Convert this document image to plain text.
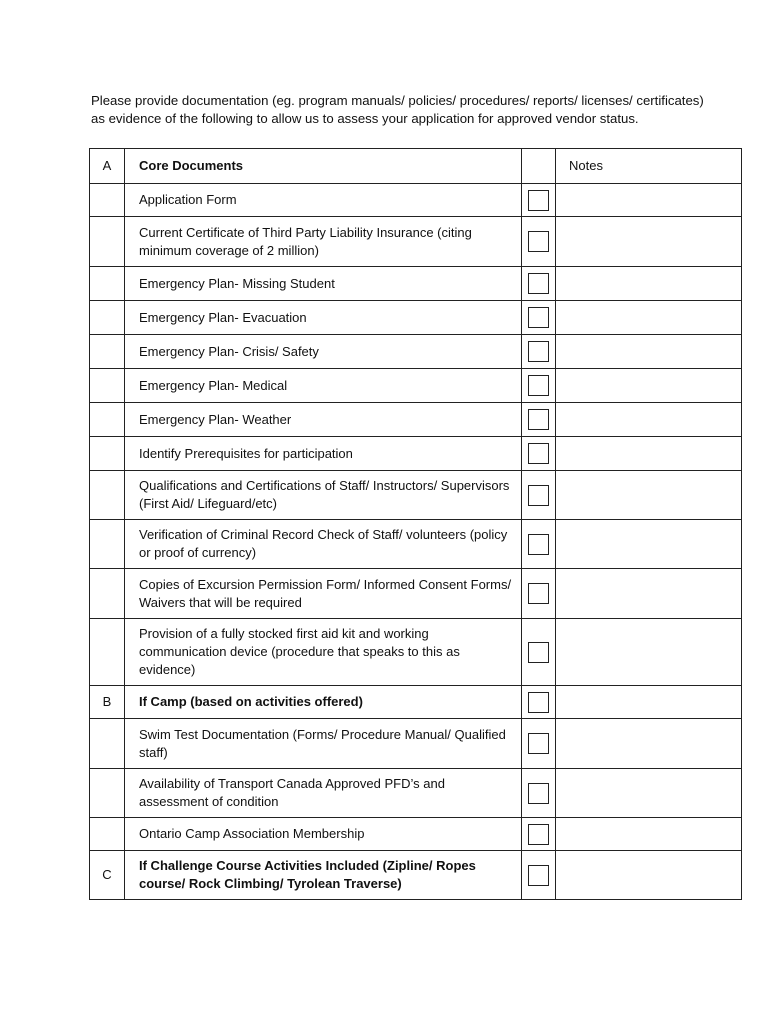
Please provide documentation (eg. program manuals/ policies/ procedures/ reports/ licenses/ certificates) as evidence of the following to allow us to assess your application for approved vendor status.
A	Core Documents		Notes
	Application Form		
	Current Certificate of Third Party Liability Insurance (citing minimum coverage of 2 million)		
	Emergency Plan- Missing Student		
	Emergency Plan- Evacuation		
	Emergency Plan- Crisis/ Safety		
	Emergency Plan- Medical		
	Emergency Plan- Weather		
	Identify Prerequisites for participation		
	Qualifications and Certifications of Staff/ Instructors/ Supervisors (First Aid/ Lifeguard/etc)		
	Verification of Criminal Record Check of Staff/ volunteers (policy or proof of currency)		
	Copies of Excursion Permission Form/ Informed Consent Forms/ Waivers that will be required		
	Provision of a fully stocked first aid kit and working communication device (procedure that speaks to this as evidence)		
B	If Camp (based on activities offered)		
	Swim Test Documentation (Forms/ Procedure Manual/ Qualified staff)		
	Availability of Transport Canada Approved PFD’s and assessment of condition		
	Ontario Camp Association Membership		
C	If Challenge Course Activities Included (Zipline/ Ropes course/ Rock Climbing/ Tyrolean Traverse)		
